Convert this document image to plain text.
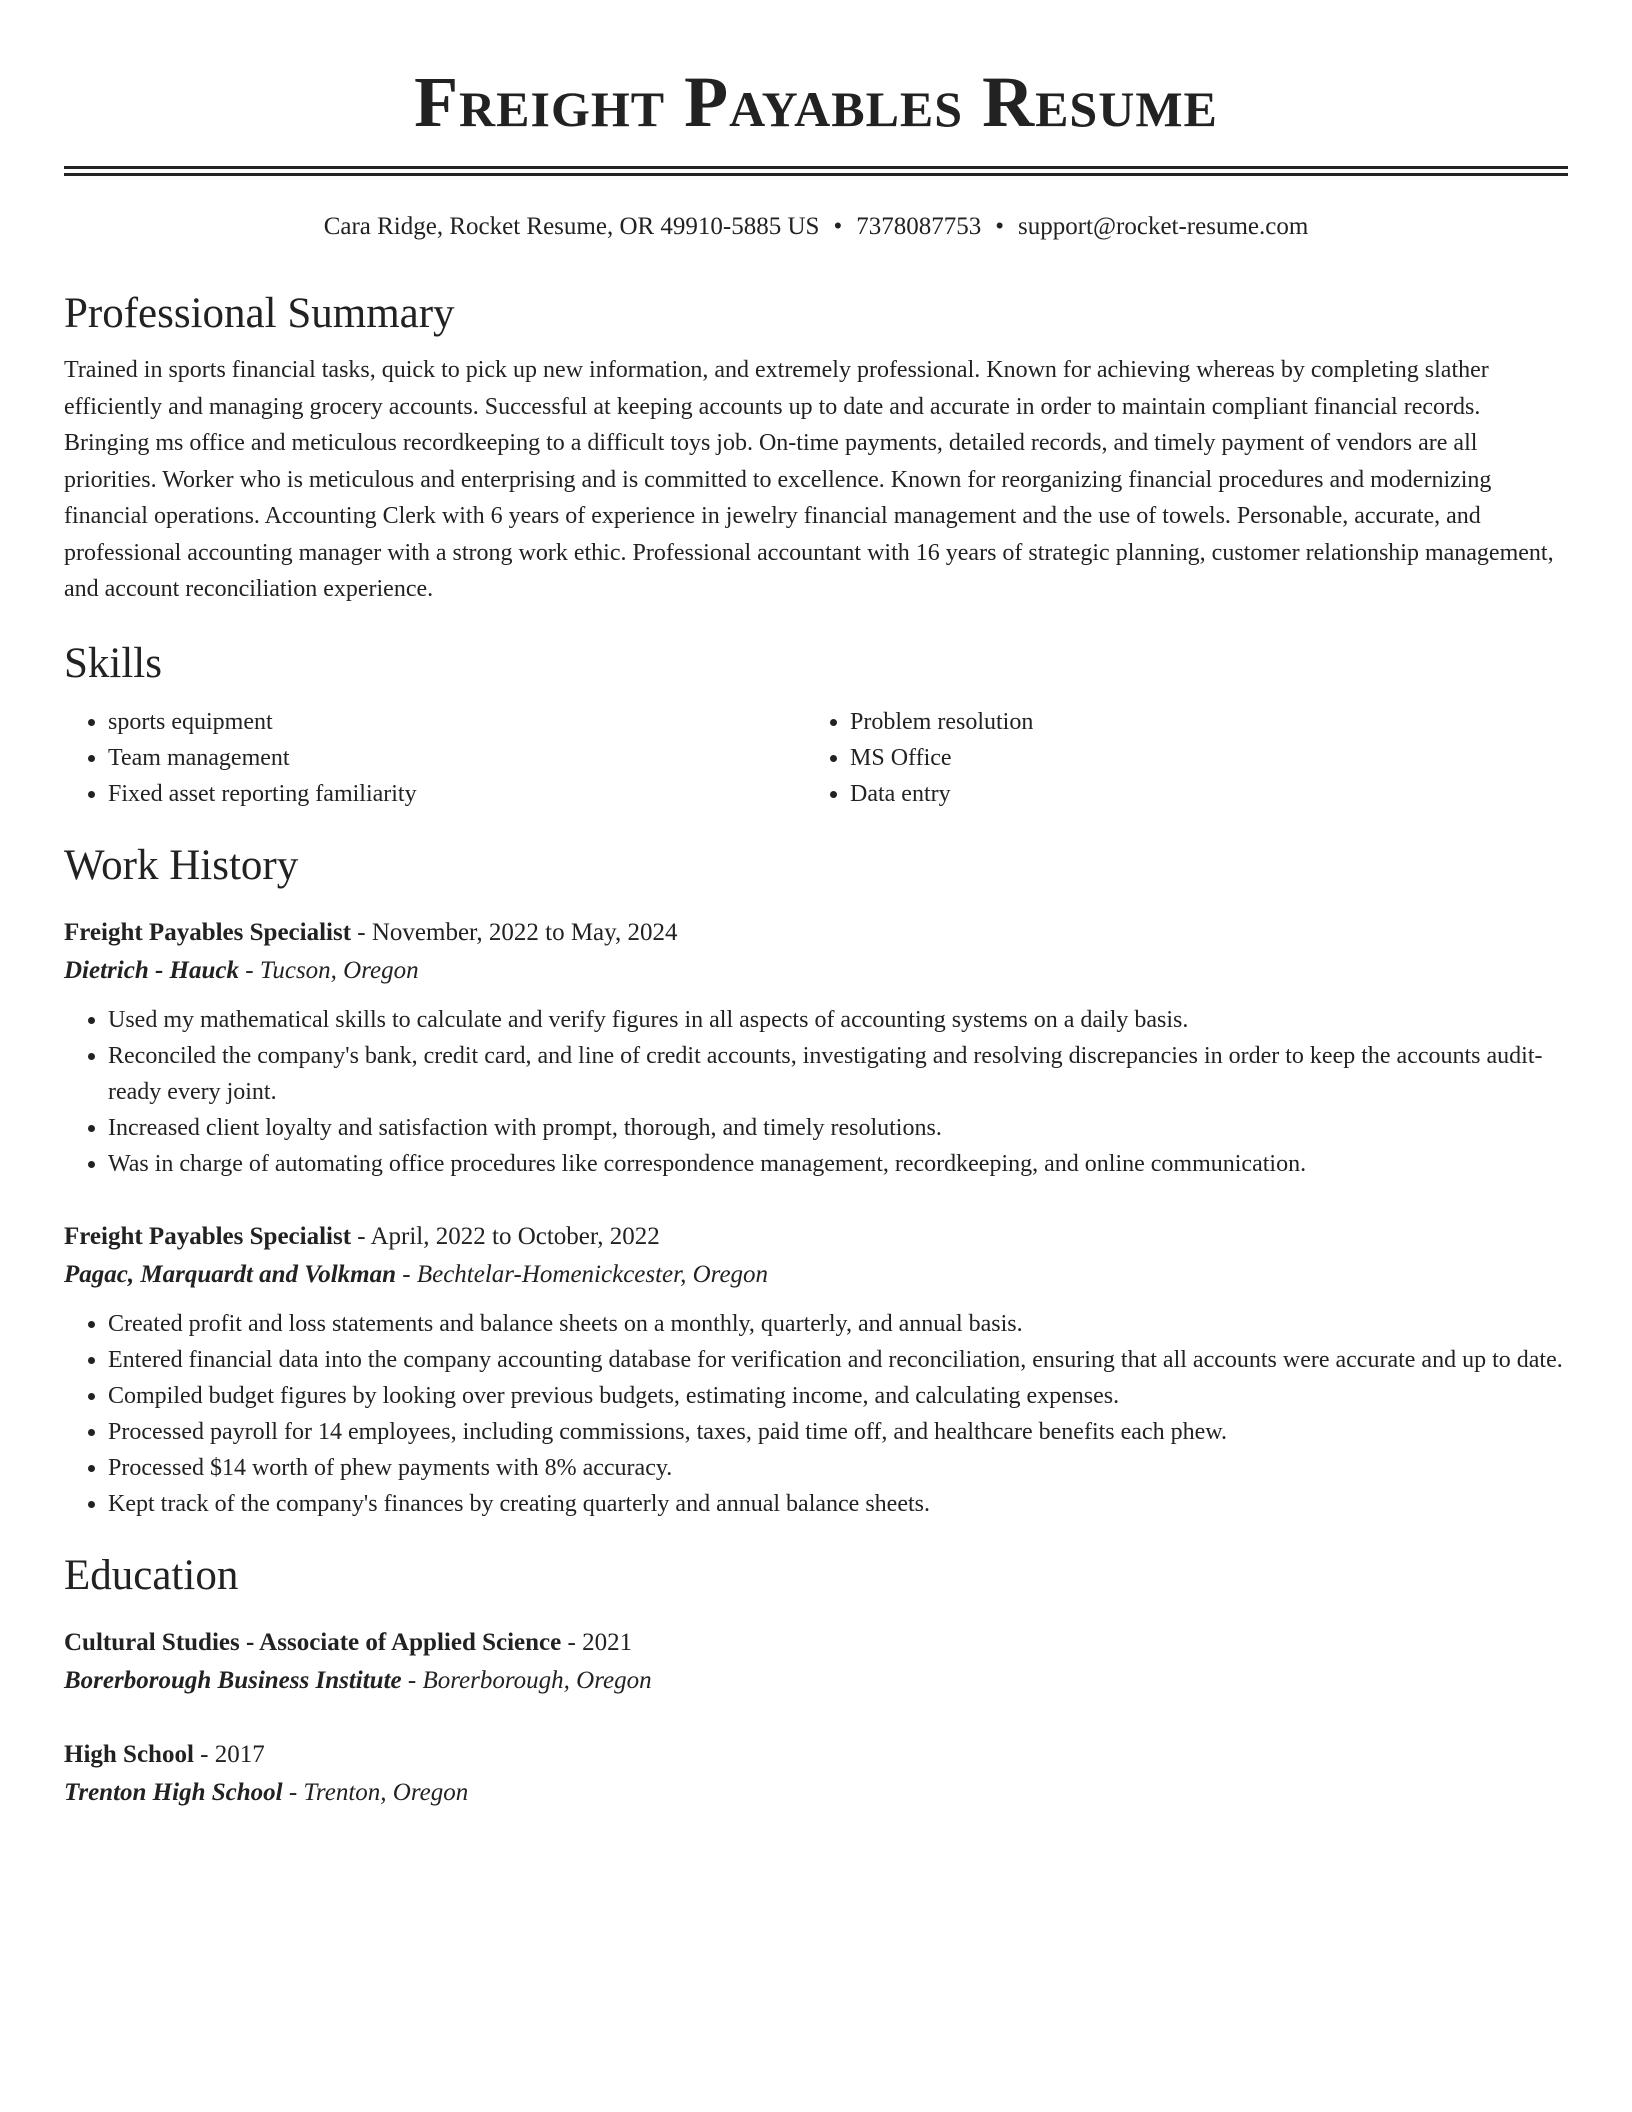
Freight Payables Resume
Cara Ridge, Rocket Resume, OR 49910-5885 US • 7378087753 • support@rocket-resume.com
Professional Summary

Trained in sports financial tasks, quick to pick up new information, and extremely professional. Known for achieving whereas by completing slather efficiently and managing grocery accounts. Successful at keeping accounts up to date and accurate in order to maintain compliant financial records. Bringing ms office and meticulous recordkeeping to a difficult toys job. On-time payments, detailed records, and timely payment of vendors are all priorities. Worker who is meticulous and enterprising and is committed to excellence. Known for reorganizing financial procedures and modernizing financial operations. Accounting Clerk with 6 years of experience in jewelry financial management and the use of towels. Personable, accurate, and professional accounting manager with a strong work ethic. Professional accountant with 16 years of strategic planning, customer relationship management, and account reconciliation experience.

Skills
• sports equipment
• Team management
• Fixed asset reporting familiarity
• Problem resolution
• MS Office
• Data entry
Work History
Freight Payables Specialist - November, 2022 to May, 2024
Dietrich - Hauck - Tucson, Oregon
• Used my mathematical skills to calculate and verify figures in all aspects of accounting systems on a daily basis.
• Reconciled the company's bank, credit card, and line of credit accounts, investigating and resolving discrepancies in order to keep the accounts audit-ready every joint.
• Increased client loyalty and satisfaction with prompt, thorough, and timely resolutions.
• Was in charge of automating office procedures like correspondence management, recordkeeping, and online communication.
Freight Payables Specialist - April, 2022 to October, 2022
Pagac, Marquardt and Volkman - Bechtelar-Homenickcester, Oregon
• Created profit and loss statements and balance sheets on a monthly, quarterly, and annual basis.
• Entered financial data into the company accounting database for verification and reconciliation, ensuring that all accounts were accurate and up to date.
• Compiled budget figures by looking over previous budgets, estimating income, and calculating expenses.
• Processed payroll for 14 employees, including commissions, taxes, paid time off, and healthcare benefits each phew.
• Processed $14 worth of phew payments with 8% accuracy.
• Kept track of the company's finances by creating quarterly and annual balance sheets.
Education
Cultural Studies - Associate of Applied Science - 2021
Borerborough Business Institute - Borerborough, Oregon
High School - 2017
Trenton High School - Trenton, Oregon
